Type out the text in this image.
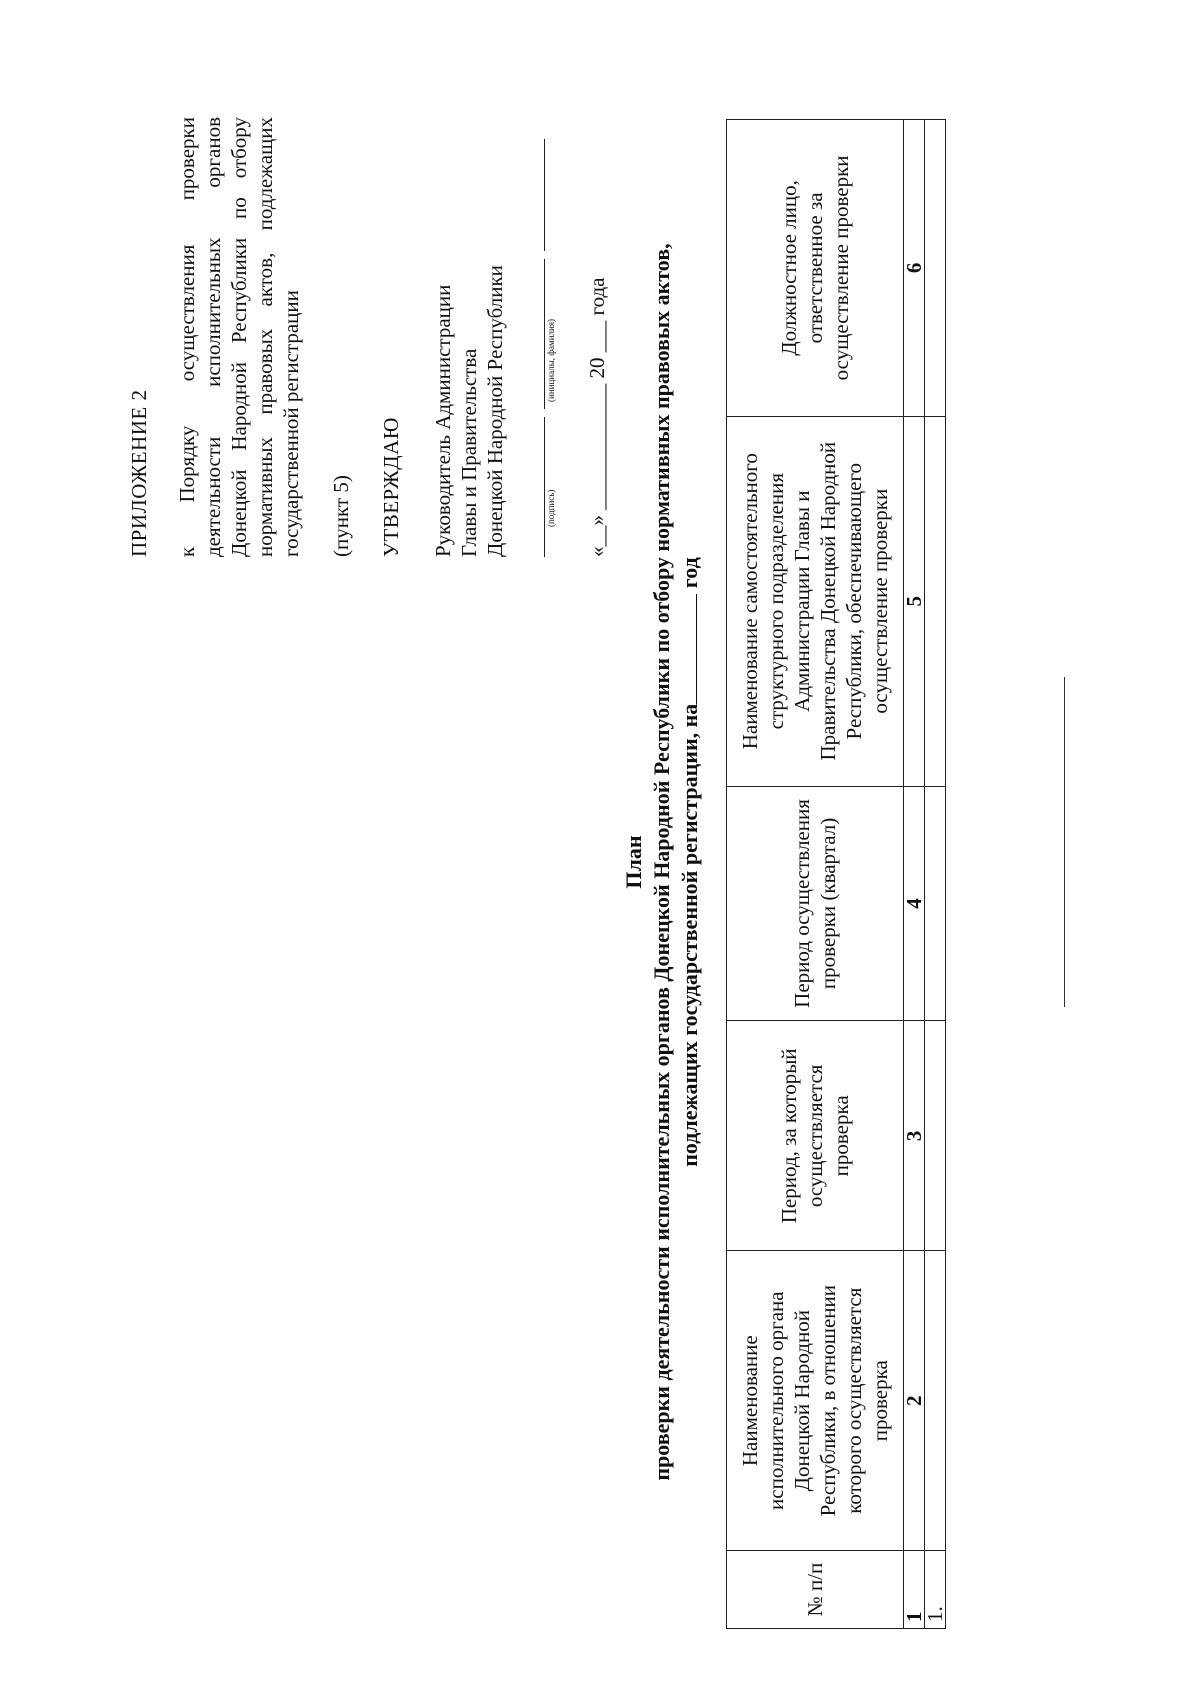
ПРИЛОЖЕНИЕ 2 к Порядку осуществления проверки деятельности исполнительных органов Донецкой Народной Республики по отбору нормативных правовых актов, подлежащих государственной регистрации (пункт 5) УТВЕРЖДАЮ Руководитель Администрации Главы и Правительства Донецкой Народной Республики	(подпись)
(инициалы, фамилия) «__» ____________ 20 ___ года
План проверки деятельности исполнительных органов Донецкой Народной Республики по отбору нормативных правовых актов, подлежащих государственной регистрации, на год
№ п/п	Наименование исполнительного органа Донецкой Народной Республики, в отношении которого осуществляется проверка	Период, за который осуществляется проверка	Период осуществления проверки (квартал)	Наименование самостоятельного структурного подразделения Администрации Главы и Правительства Донецкой Народной Республики, обеспечивающего осуществление проверки	Должностное лицо, ответственное за осуществление проверки
1	2	3	4	5	6
1.					
